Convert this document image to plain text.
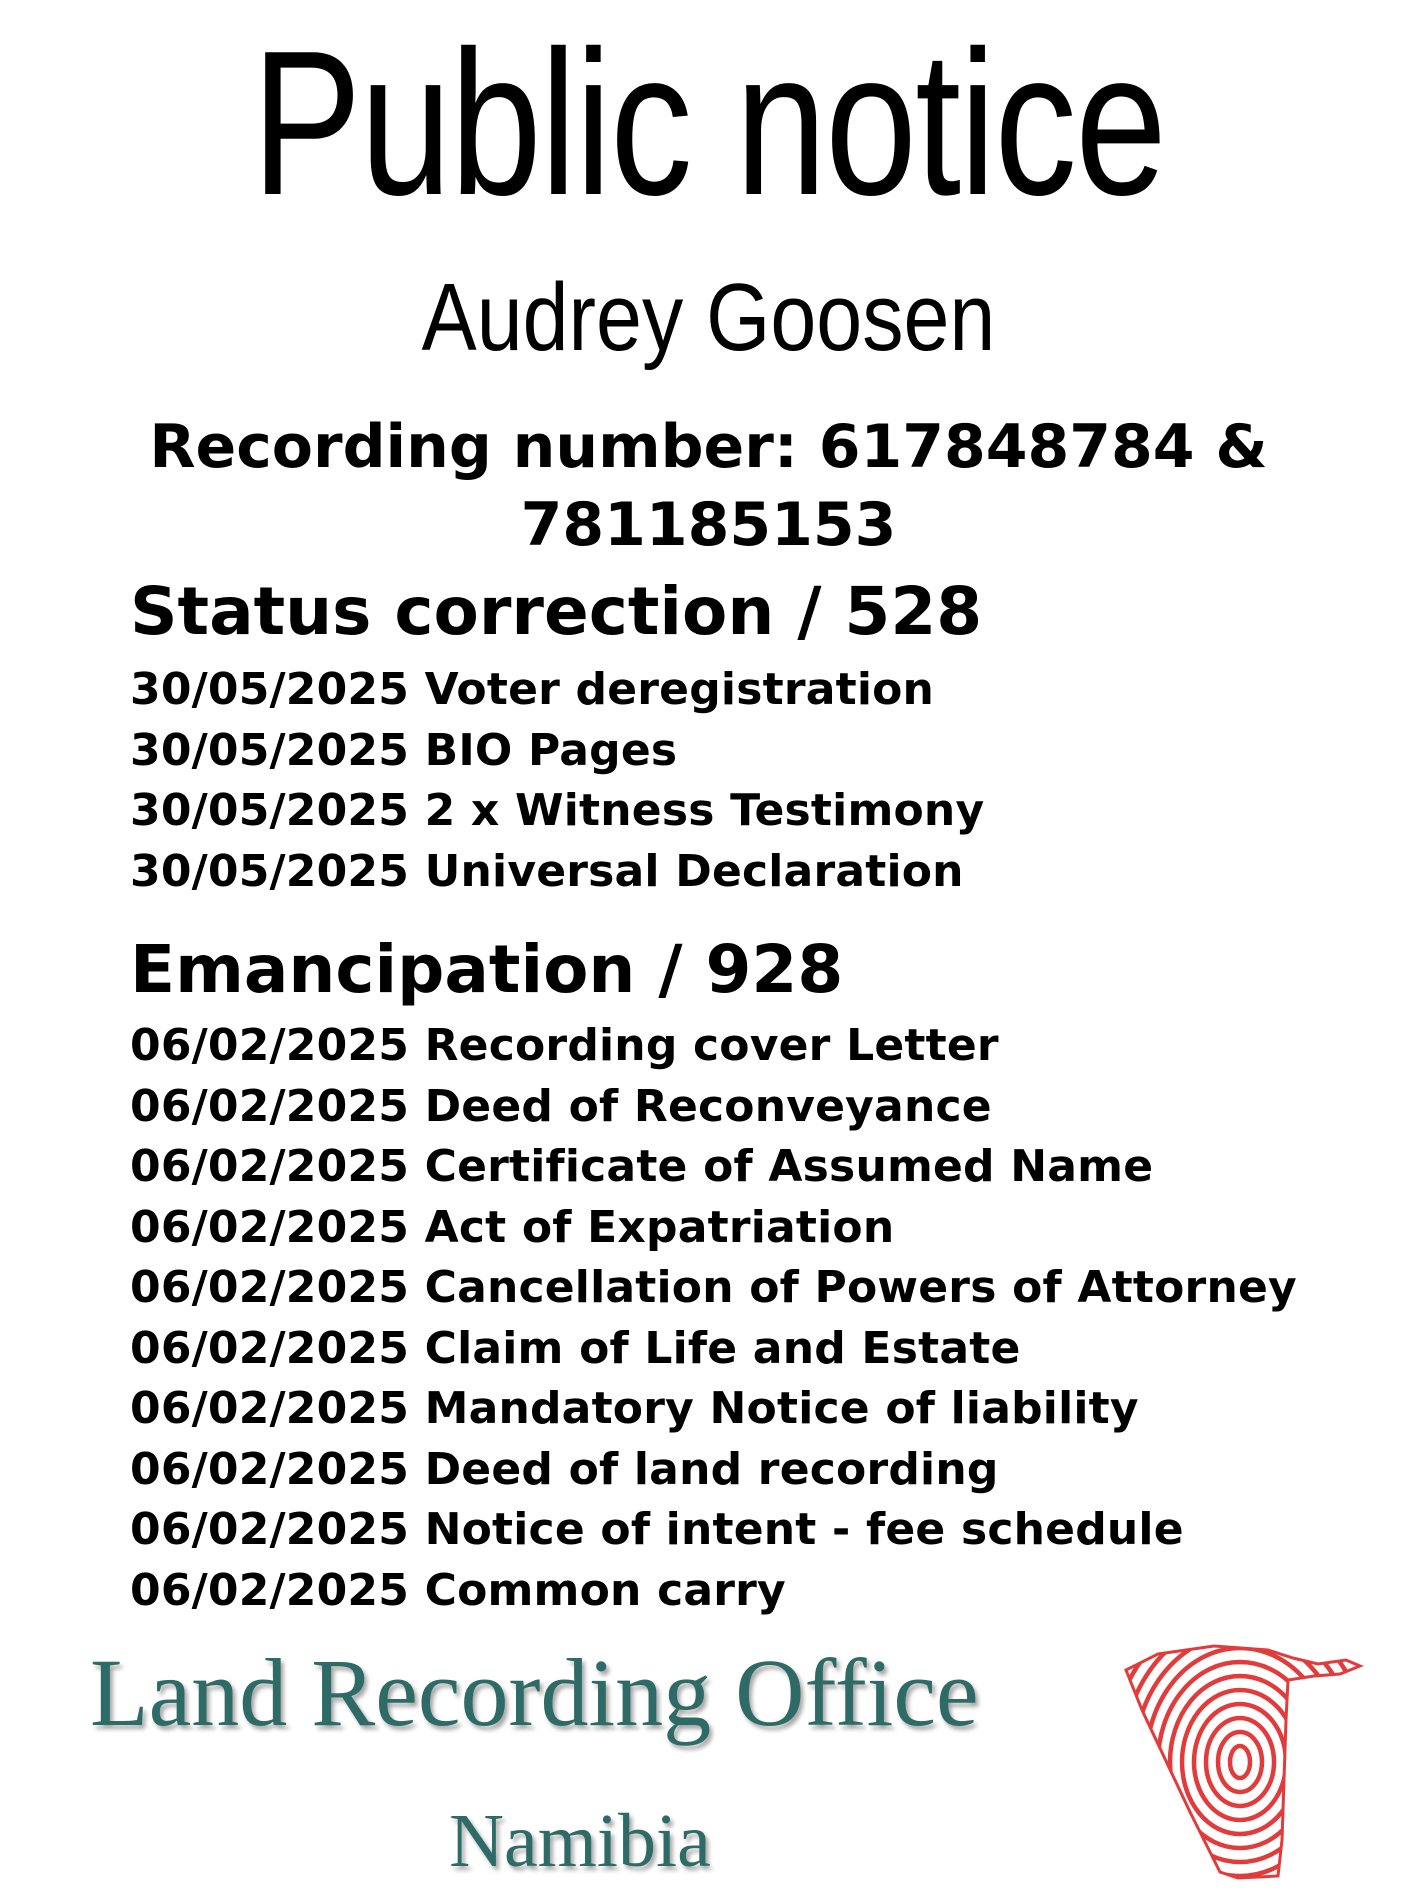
Public notice
Audrey Goosen
Recording number: 617848784 &
781185153
Status correction / 528
30/05/2025 Voter deregistration
30/05/2025 BIO Pages
30/05/2025 2 x Witness Testimony
30/05/2025 Universal Declaration
Emancipation / 928
06/02/2025 Recording cover Letter
06/02/2025 Deed of Reconveyance
06/02/2025 Certificate of Assumed Name
06/02/2025 Act of Expatriation
06/02/2025 Cancellation of Powers of Attorney
06/02/2025 Claim of Life and Estate
06/02/2025 Mandatory Notice of liability
06/02/2025 Deed of land recording
06/02/2025 Notice of intent - fee schedule
06/02/2025 Common carry
Land Recording Office
Namibia
